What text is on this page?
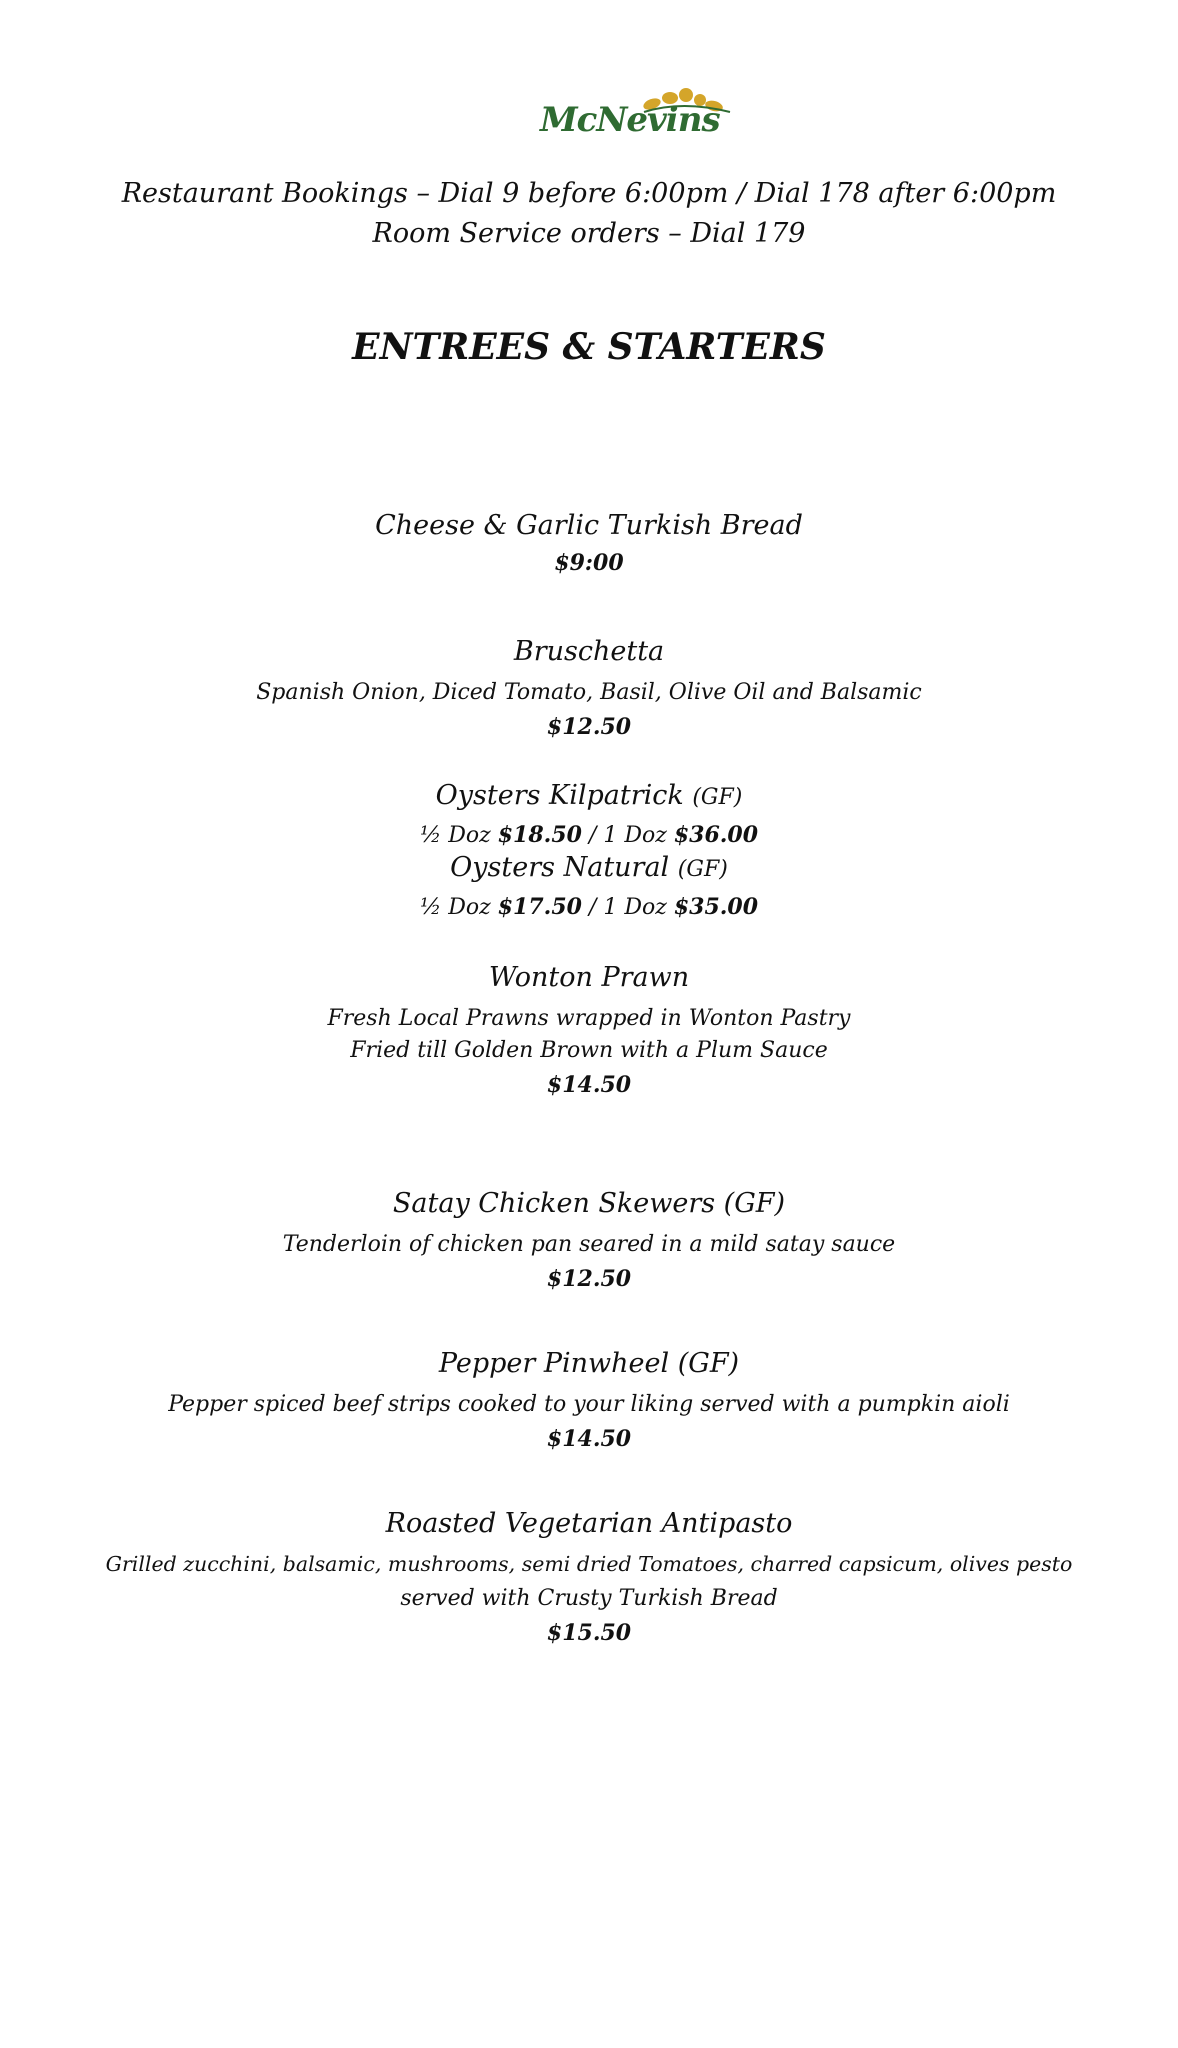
McNevins
Restaurant Bookings – Dial 9 before 6:00pm / Dial 178 after 6:00pm
Room Service orders – Dial 179
ENTREES & STARTERS
Cheese & Garlic Turkish Bread
$9:00
Bruschetta
Spanish Onion, Diced Tomato, Basil, Olive Oil and Balsamic
$12.50
Oysters Kilpatrick (GF)
½ Doz $18.50 / 1 Doz $36.00
Oysters Natural (GF)
½ Doz $17.50 / 1 Doz $35.00
Wonton Prawn
Fresh Local Prawns wrapped in Wonton Pastry
Fried till Golden Brown with a Plum Sauce
$14.50
Satay Chicken Skewers (GF)
Tenderloin of chicken pan seared in a mild satay sauce
$12.50
Pepper Pinwheel (GF)
Pepper spiced beef strips cooked to your liking served with a pumpkin aioli
$14.50
Roasted Vegetarian Antipasto
Grilled zucchini, balsamic, mushrooms, semi dried Tomatoes, charred capsicum, olives pesto
served with Crusty Turkish Bread
$15.50
